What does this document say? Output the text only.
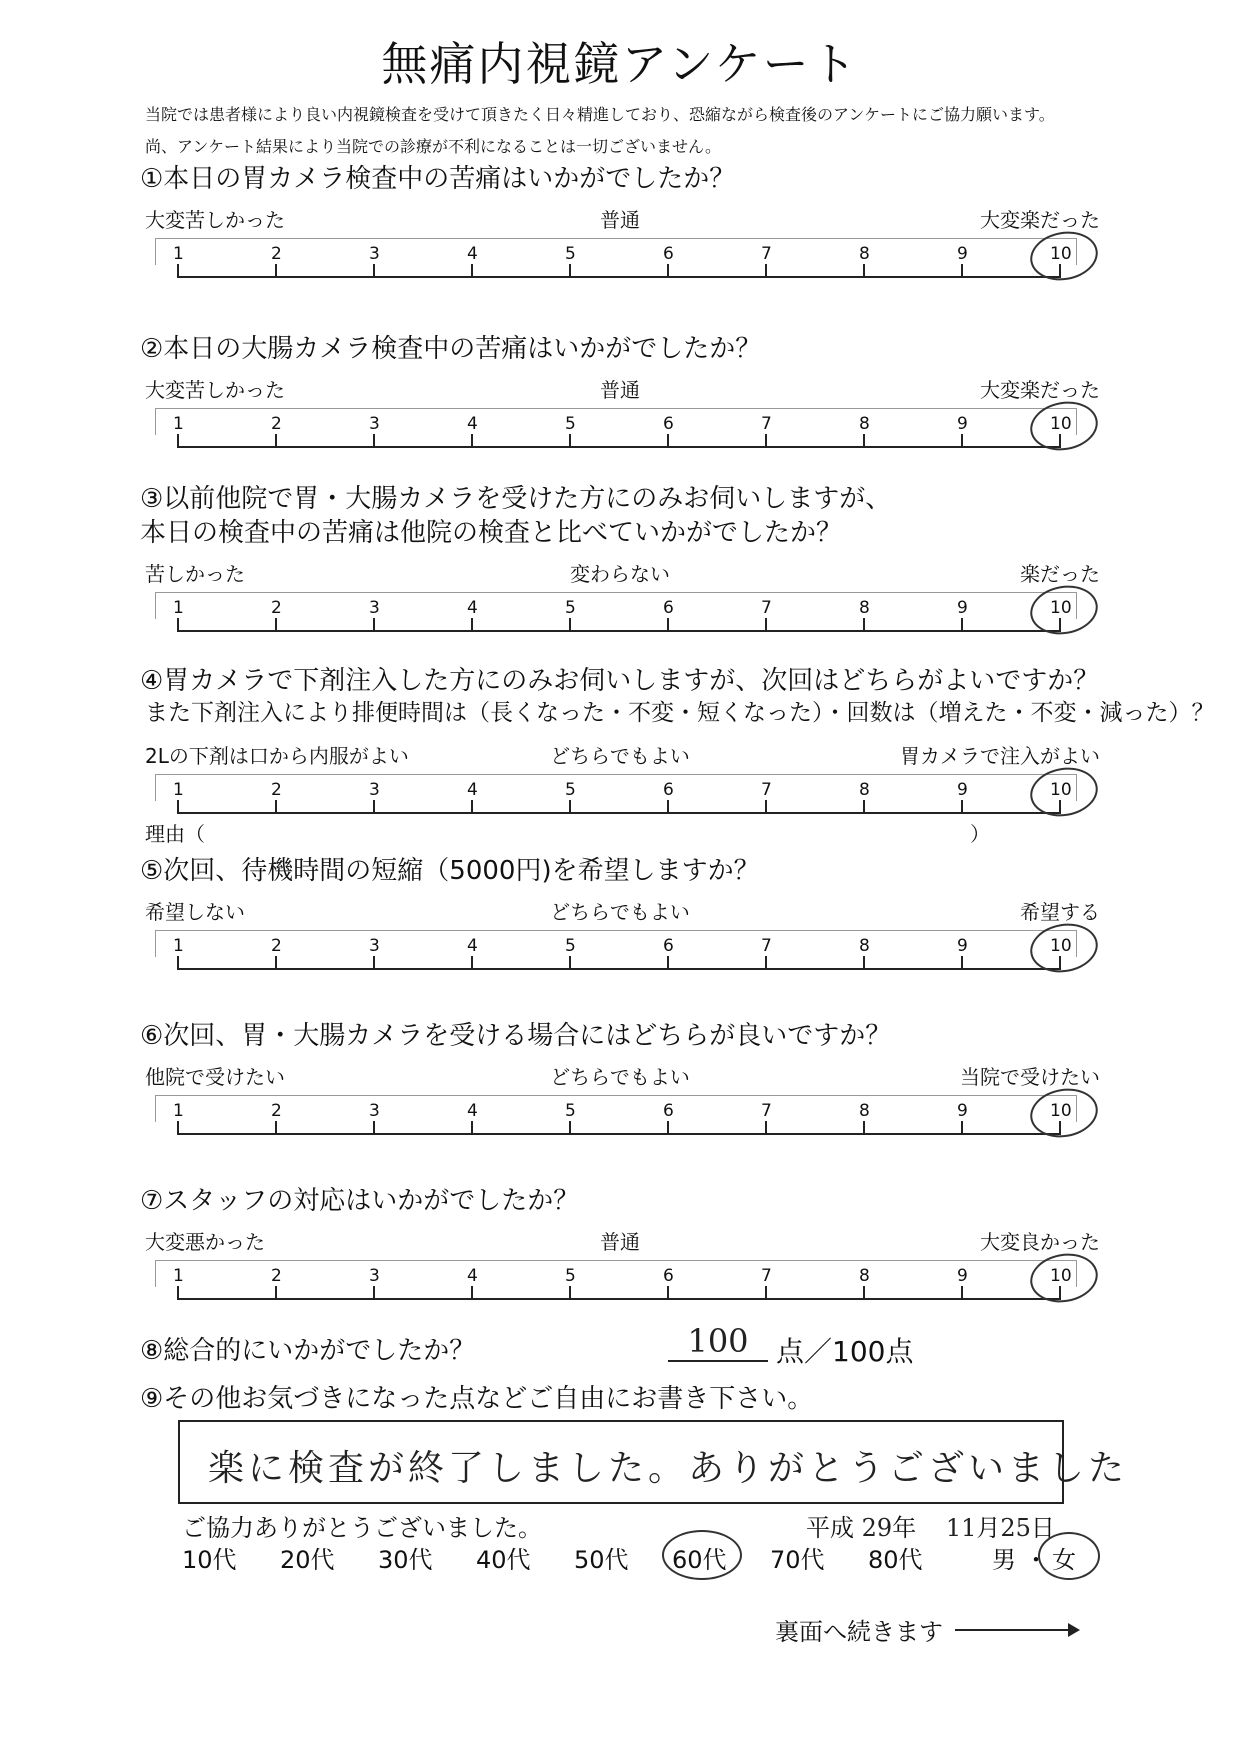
無痛内視鏡アンケート
当院では患者様により良い内視鏡検査を受けて頂きたく日々精進しており、恐縮ながら検査後のアンケートにご協力願います。
尚、アンケート結果により当院での診療が不利になることは一切ございません。
①本日の胃カメラ検査中の苦痛はいかがでしたか？
大変苦しかった	普通	大変楽だった
1	2	3	4	5	6	7	8	9	10
②本日の大腸カメラ検査中の苦痛はいかがでしたか？
大変苦しかった	普通	大変楽だった
1	2	3	4	5	6	7	8	9	10
③以前他院で胃・大腸カメラを受けた方にのみお伺いしますが、
本日の検査中の苦痛は他院の検査と比べていかがでしたか？
苦しかった	変わらない	楽だった
1	2	3	4	5	6	7	8	9	10
④胃カメラで下剤注入した方にのみお伺いしますが、次回はどちらがよいですか？
また下剤注入により排便時間は（長くなった・不変・短くなった）・回数は（増えた・不変・減った）？
2Lの下剤は口から内服がよい	どちらでもよい	胃カメラで注入がよい
1	2	3	4	5	6	7	8	9	10
理由（	）
⑤次回、待機時間の短縮（5000円)を希望しますか？
希望しない	どちらでもよい	希望する
1	2	3	4	5	6	7	8	9	10
⑥次回、胃・大腸カメラを受ける場合にはどちらが良いですか？
他院で受けたい	どちらでもよい	当院で受けたい
1	2	3	4	5	6	7	8	9	10
⑦スタッフの対応はいかがでしたか？
大変悪かった	普通	大変良かった
1	2	3	4	5	6	7	8	9	10
⑧総合的にいかがでしたか？	100 点／100点
⑨その他お気づきになった点などご自由にお書き下さい。
楽に検査が終了しました。ありがとうございました
ご協力ありがとうございました。	平成 29年 11月25日
10代 20代 30代 40代 50代 60代 70代 80代	男 ・ 女
裏面へ続きます
